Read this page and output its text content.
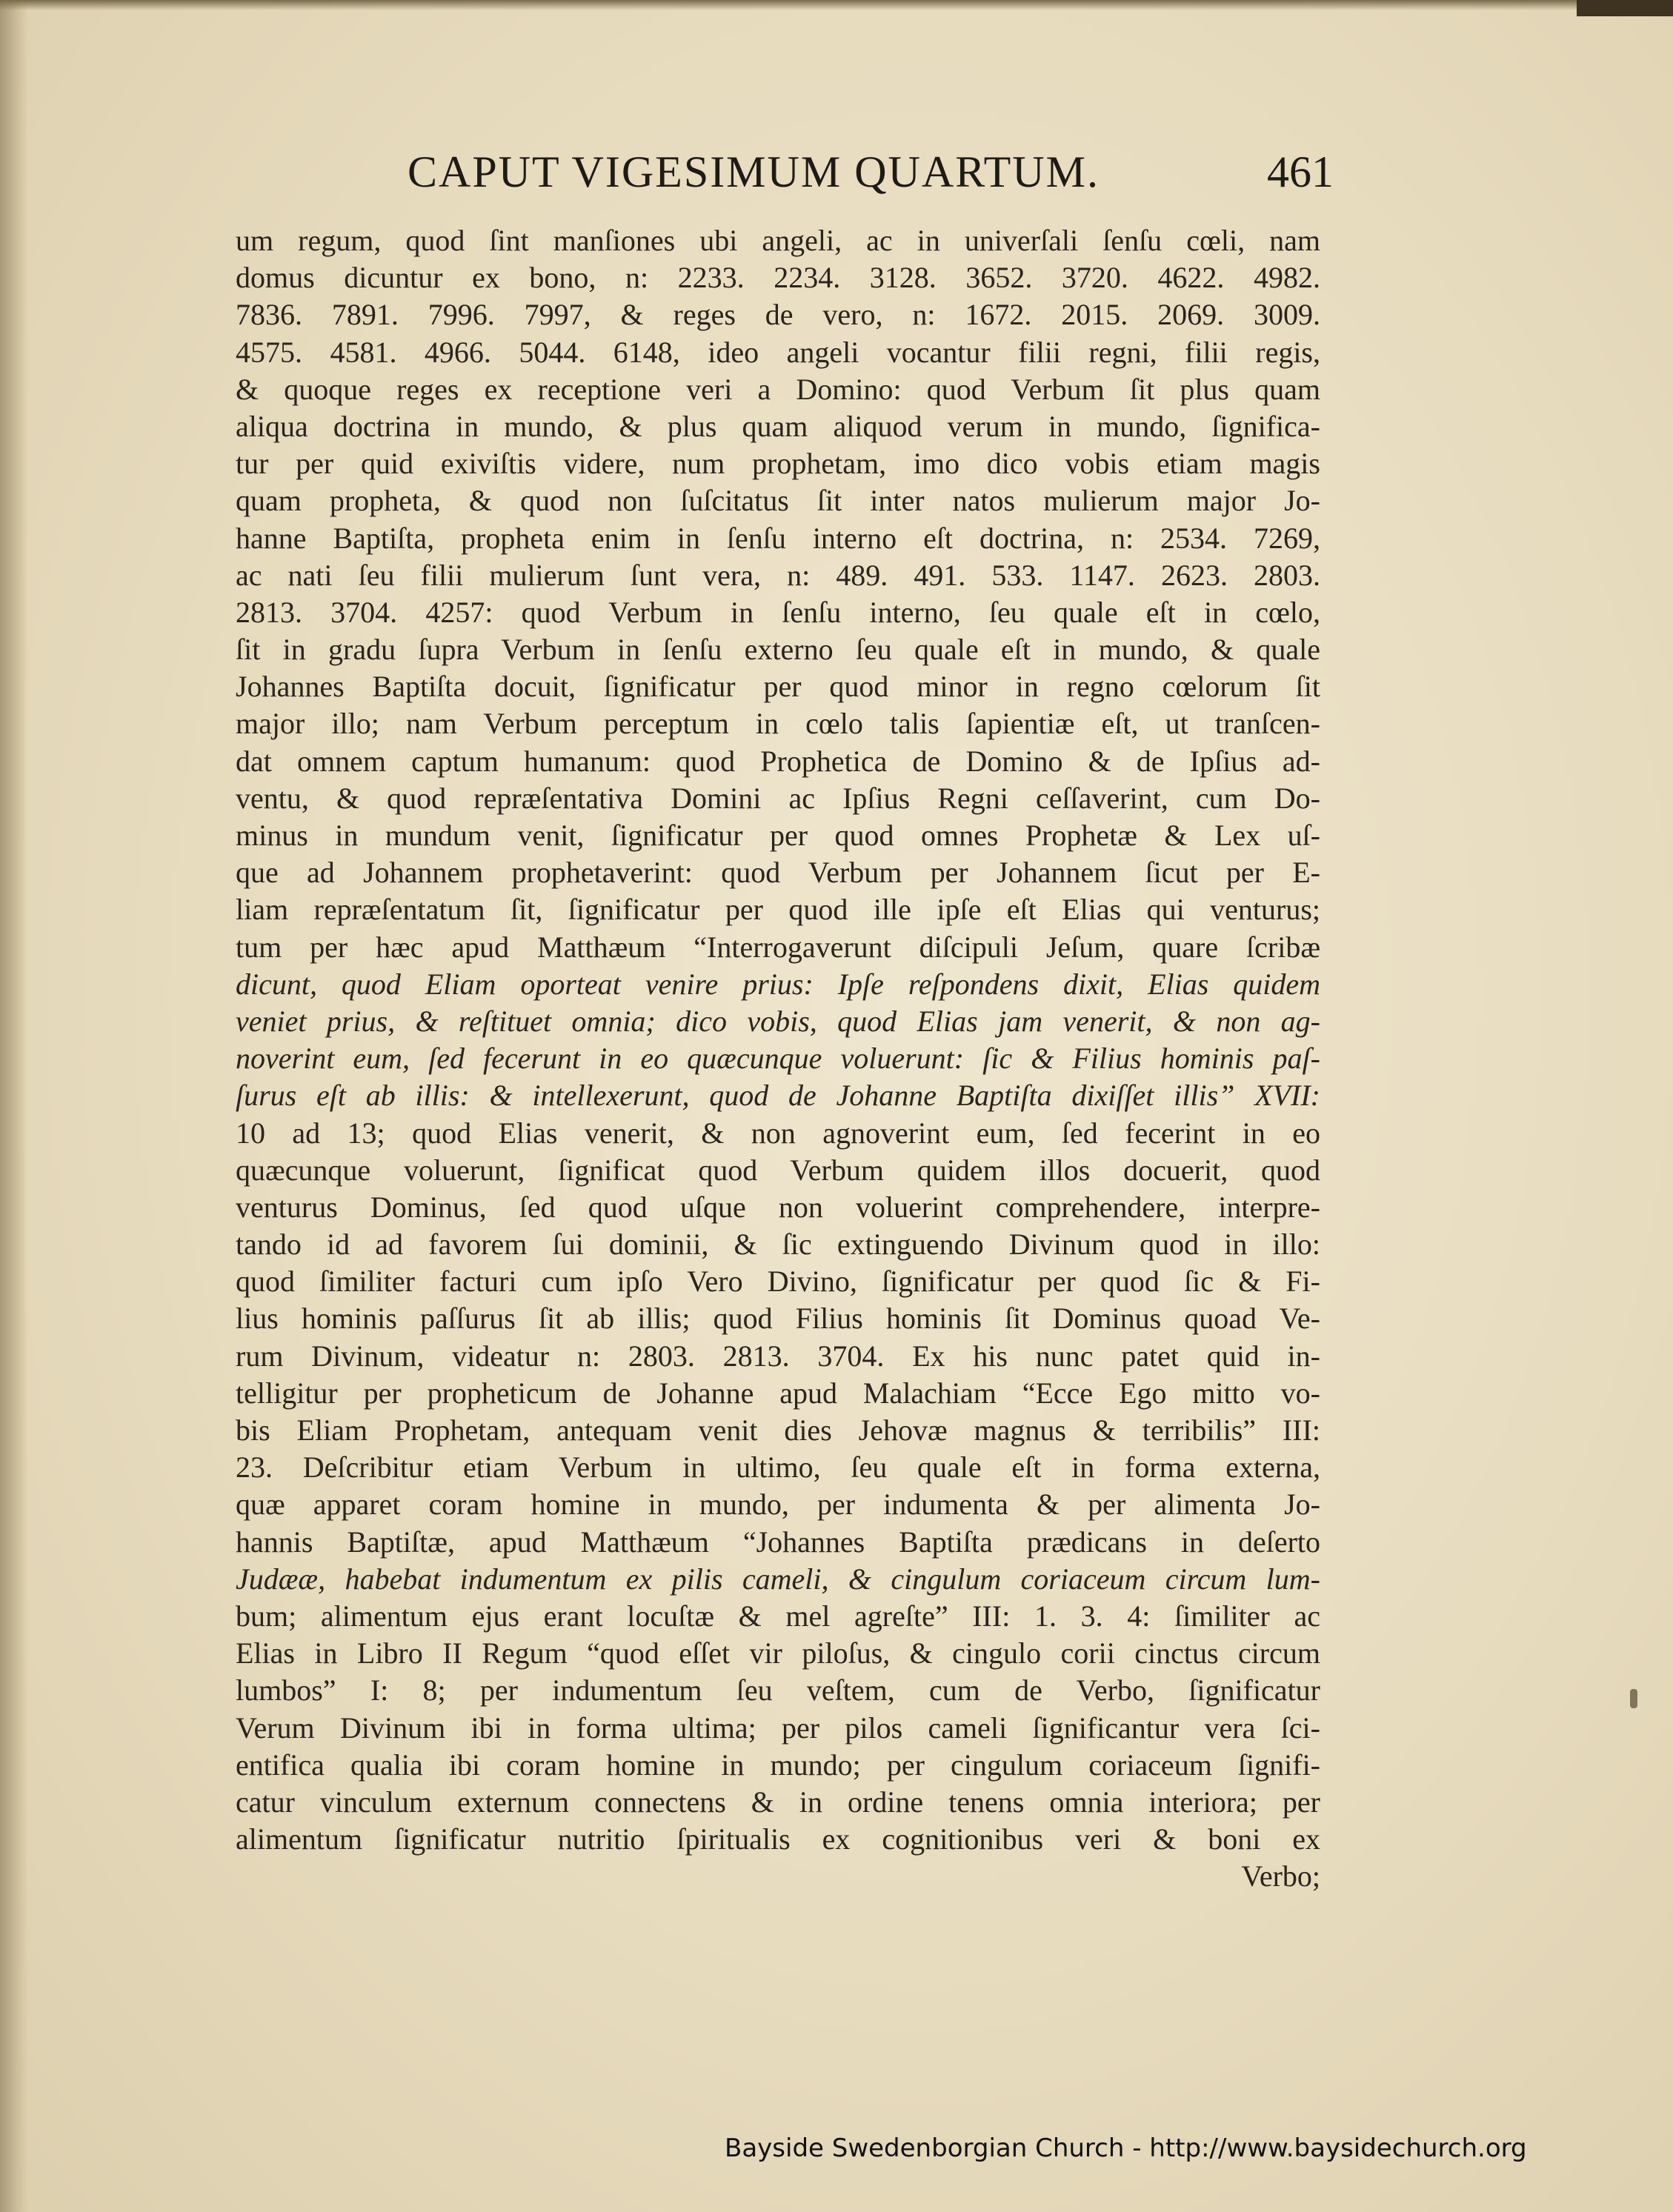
CAPUT VIGESIMUM QUARTUM.	461
um regum, quod ſint manſiones ubi angeli, ac in univerſali ſenſu cœli, nam
domus dicuntur ex bono, n: 2233. 2234. 3128. 3652. 3720. 4622. 4982.
7836. 7891. 7996. 7997, & reges de vero, n: 1672. 2015. 2069. 3009.
4575. 4581. 4966. 5044. 6148, ideo angeli vocantur filii regni, filii regis,
& quoque reges ex receptione veri a Domino: quod Verbum ſit plus quam
aliqua doctrina in mundo, & plus quam aliquod verum in mundo, ſignifica-
tur per quid exiviſtis videre, num prophetam, imo dico vobis etiam magis
quam propheta, & quod non ſuſcitatus ſit inter natos mulierum major Jo-
hanne Baptiſta, propheta enim in ſenſu interno eſt doctrina, n: 2534. 7269,
ac nati ſeu filii mulierum ſunt vera, n: 489. 491. 533. 1147. 2623. 2803.
2813. 3704. 4257: quod Verbum in ſenſu interno, ſeu quale eſt in cœlo,
ſit in gradu ſupra Verbum in ſenſu externo ſeu quale eſt in mundo, & quale
Johannes Baptiſta docuit, ſignificatur per quod minor in regno cœlorum ſit
major illo; nam Verbum perceptum in cœlo talis ſapientiæ eſt, ut tranſcen-
dat omnem captum humanum: quod Prophetica de Domino & de Ipſius ad-
ventu, & quod repræſentativa Domini ac Ipſius Regni ceſſaverint, cum Do-
minus in mundum venit, ſignificatur per quod omnes Prophetæ & Lex uſ-
que ad Johannem prophetaverint: quod Verbum per Johannem ſicut per E-
liam repræſentatum ſit, ſignificatur per quod ille ipſe eſt Elias qui venturus;
tum per hæc apud Matthæum “Interrogaverunt diſcipuli Jeſum, quare ſcribæ
dicunt, quod Eliam oporteat venire prius: Ipſe reſpondens dixit, Elias quidem
veniet prius, & reſtituet omnia; dico vobis, quod Elias jam venerit, & non ag-
noverint eum, ſed fecerunt in eo quæcunque voluerunt: ſic & Filius hominis paſ-
ſurus eſt ab illis: & intellexerunt, quod de Johanne Baptiſta dixiſſet illis” XVII:
10 ad 13; quod Elias venerit, & non agnoverint eum, ſed fecerint in eo
quæcunque voluerunt, ſignificat quod Verbum quidem illos docuerit, quod
venturus Dominus, ſed quod uſque non voluerint comprehendere, interpre-
tando id ad favorem ſui dominii, & ſic extinguendo Divinum quod in illo:
quod ſimiliter facturi cum ipſo Vero Divino, ſignificatur per quod ſic & Fi-
lius hominis paſſurus ſit ab illis; quod Filius hominis ſit Dominus quoad Ve-
rum Divinum, videatur n: 2803. 2813. 3704. Ex his nunc patet quid in-
telligitur per propheticum de Johanne apud Malachiam “Ecce Ego mitto vo-
bis Eliam Prophetam, antequam venit dies Jehovæ magnus & terribilis” III:
23. Deſcribitur etiam Verbum in ultimo, ſeu quale eſt in forma externa,
quæ apparet coram homine in mundo, per indumenta & per alimenta Jo-
hannis Baptiſtæ, apud Matthæum “Johannes Baptiſta prædicans in deſerto
Judææ, habebat indumentum ex pilis cameli, & cingulum coriaceum circum lum-
bum; alimentum ejus erant locuſtæ & mel agreſte” III: 1. 3. 4: ſimiliter ac
Elias in Libro II Regum “quod eſſet vir piloſus, & cingulo corii cinctus circum
lumbos” I: 8; per indumentum ſeu veſtem, cum de Verbo, ſignificatur
Verum Divinum ibi in forma ultima; per pilos cameli ſignificantur vera ſci-
entifica qualia ibi coram homine in mundo; per cingulum coriaceum ſignifi-
catur vinculum externum connectens & in ordine tenens omnia interiora; per
alimentum ſignificatur nutritio ſpiritualis ex cognitionibus veri & boni ex
Verbo;
Bayside Swedenborgian Church - http://www.baysidechurch.org
